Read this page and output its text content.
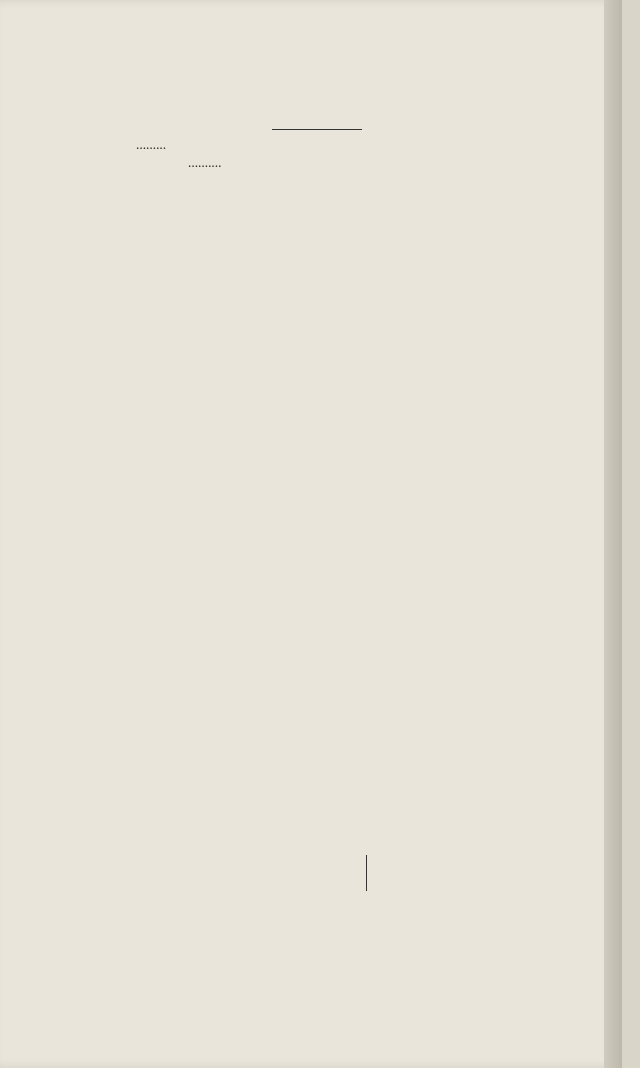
.........
..........
